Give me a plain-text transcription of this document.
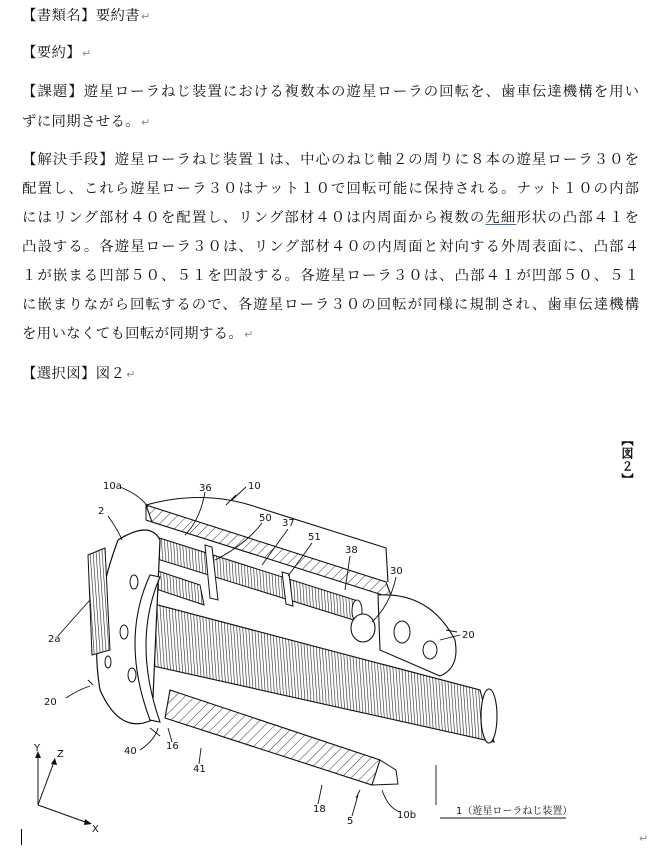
【書類名】要約書↵
【要約】↵
【課題】遊星ローラねじ装置における複数本の遊星ローラの回転を、歯車伝達機構を用い
ずに同期させる。↵
【解決手段】遊星ローラねじ装置１は、中心のねじ軸２の周りに８本の遊星ローラ３０を
配置し、これら遊星ローラ３０はナット１０で回転可能に保持される。ナット１０の内部
にはリング部材４０を配置し、リング部材４０は内周面から複数の先細形状の凸部４１を
凸設する。各遊星ローラ３０は、リング部材４０の内周面と対向する外周表面に、凸部４
１が嵌まる凹部５０、５１を凹設する。各遊星ローラ３０は、凸部４１が凹部５０、５１
に嵌まりながら回転するので、各遊星ローラ３０の回転が同様に規制され、歯車伝達機構
を用いなくても回転が同期する。↵
【選択図】図２↵
【図２】
10a	10
36
2
50 37
51
38
30
20
2a
20
40	16
41
18
5
10b	1（遊星ローラねじ装置）
Y
Z
X
↵
